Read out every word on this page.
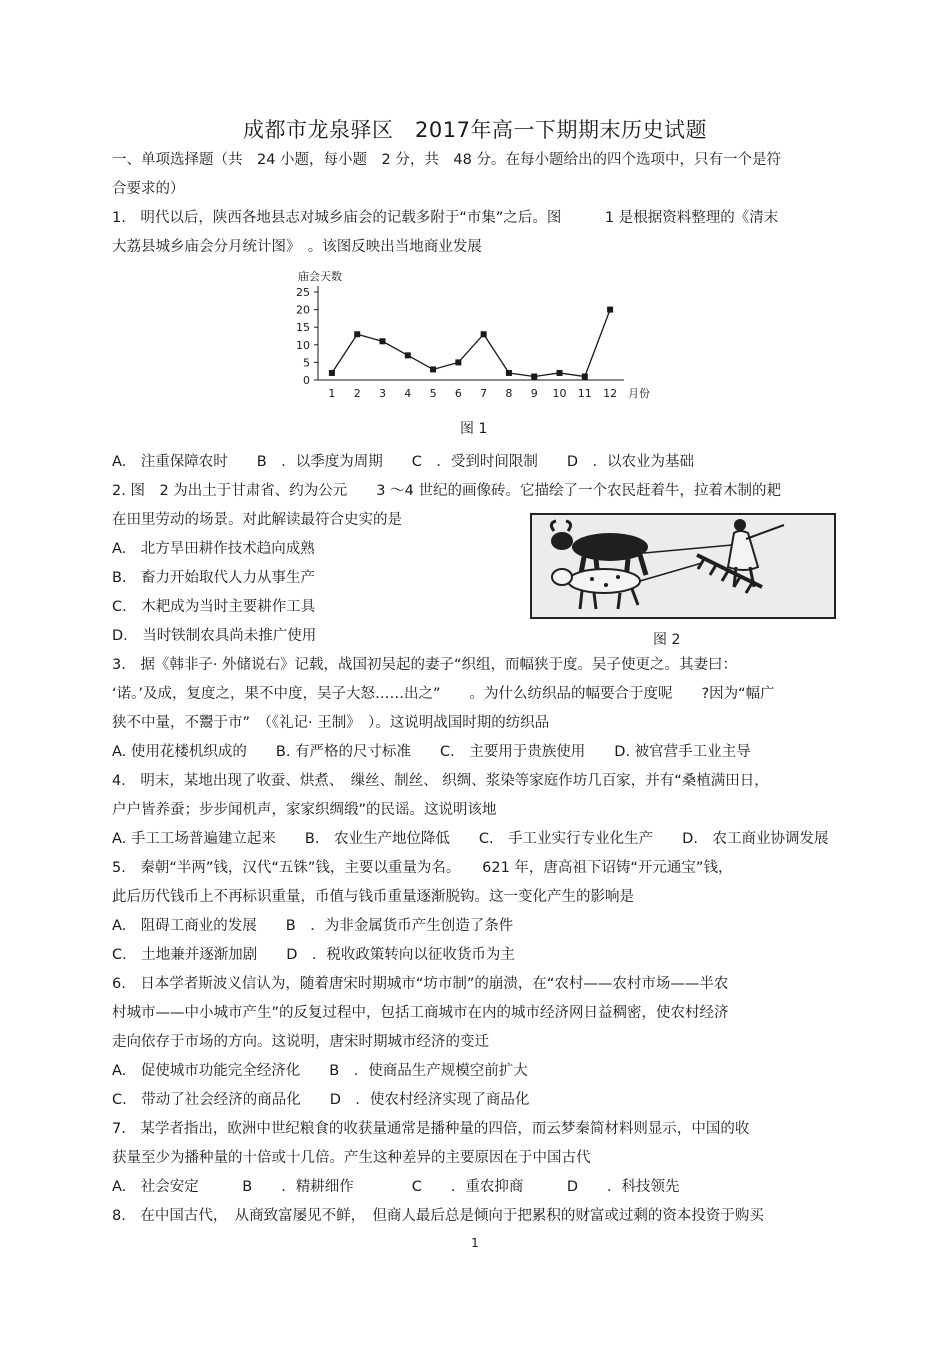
成都市龙泉驿区　2017年高一下期期末历史试题
一、单项选择题（共　24 小题，每小题　2 分，共　48 分。在每小题给出的四个选项中，只有一个是符
合要求的）
1.　明代以后，陕西各地县志对城乡庙会的记载多附于“市集”之后。图　　　1 是根据资料整理的《清末
大荔县城乡庙会分月统计图》　。该图反映出当地商业发展
庙会天数
0
5
10
15
20
25
1 2 3 4 5 6 7 8 9 10 11 12 月份
图 1
A.　注重保障农时　　B　．以季度为周期　　C　．受到时间限制　　D　．以农业为基础
2. 图　2 为出土于甘肃省、约为公元　　3 ～4 世纪的画像砖。它描绘了一个农民赶着牛，拉着木制的耙
在田里劳动的场景。对此解读最符合史实的是
A.　北方旱田耕作技术趋向成熟
B.　畜力开始取代人力从事生产
C.　木耙成为当时主要耕作工具
D.　当时铁制农具尚未推广使用	图 2
3.　据《韩非子· 外储说右》记载，战国初吴起的妻子“织组，而幅狭于度。吴子使更之。其妻曰：
‘诺。’及成，复度之，果不中度，吴子大怒……出之”　　。为什么纺织品的幅要合于度呢　　?因为“幅广
狭不中量，不鬻于市”　（《礼记· 王制》　）。这说明战国时期的纺织品
A. 使用花楼机织成的　　B. 有严格的尺寸标准　　C.　主要用于贵族使用　　D. 被官营手工业主导
4.　明末，某地出现了收蚕、烘煮、　缫丝、制丝、 织绸、浆染等家庭作坊几百家，并有“桑植满田日，
户户皆养蚕；步步闻机声，家家织绸缎”的民谣。这说明该地
A. 手工工场普遍建立起来　　B.　农业生产地位降低　　C.　手工业实行专业化生产　　D.　农工商业协调发展
5.　秦朝“半两”钱，汉代“五铢”钱，主要以重量为名。　　621 年，唐高祖下诏铸“开元通宝”钱，
此后历代钱币上不再标识重量，币值与钱币重量逐渐脱钩。这一变化产生的影响是
A.　阻碍工商业的发展　　B　．为非金属货币产生创造了条件
C.　土地兼并逐渐加剧　　D　．税收政策转向以征收货币为主
6.　日本学者斯波义信认为，随着唐宋时期城市“坊市制”的崩溃，在“农村——农村市场——半农
村城市——中小城市产生”的反复过程中，包括工商城市在内的城市经济网日益稠密，使农村经济
走向依存于市场的方向。这说明，唐宋时期城市经济的变迁
A.　促使城市功能完全经济化　　B　．使商品生产规模空前扩大
C.　带动了社会经济的商品化　　D　．使农村经济实现了商品化
7.　某学者指出，欧洲中世纪粮食的收获量通常是播种量的四倍，而云梦秦简材料则显示，中国的收
获量至少为播种量的十倍或十几倍。产生这种差异的主要原因在于中国古代
A.　社会安定　　　B　　．精耕细作　　　　C　　．重农抑商　　　D　　．科技领先
8.　在中国古代，　从商致富屡见不鲜，　但商人最后总是倾向于把累积的财富或过剩的资本投资于购买
1
